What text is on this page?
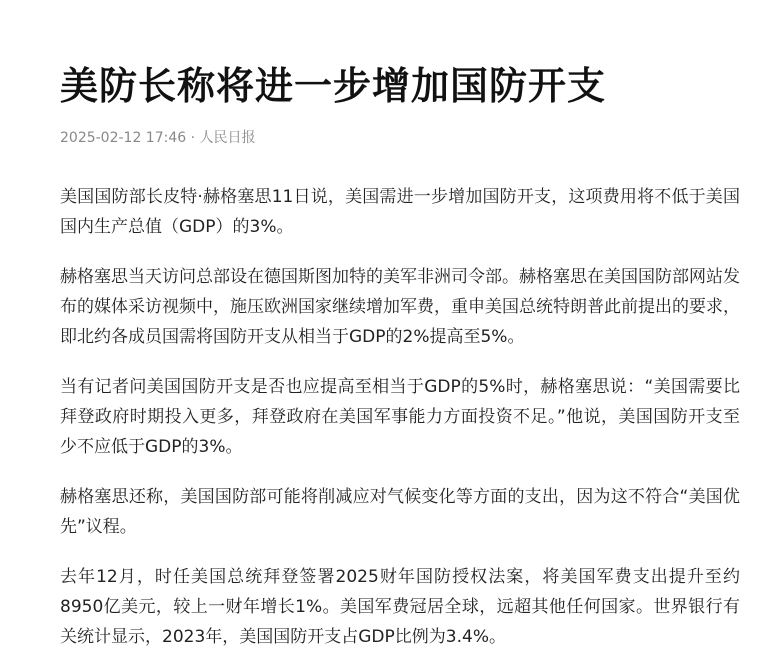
美防长称将进一步增加国防开支
2025-02-12 17:46 · 人民日报

美国国防部长皮特·赫格塞思11日说，美国需进一步增加国防开支，这项费用将不低于美国国内生产总值（GDP）的3%。

赫格塞思当天访问总部设在德国斯图加特的美军非洲司令部。赫格塞思在美国国防部网站发布的媒体采访视频中，施压欧洲国家继续增加军费，重申美国总统特朗普此前提出的要求，即北约各成员国需将国防开支从相当于GDP的2%提高至5%。

当有记者问美国国防开支是否也应提高至相当于GDP的5%时，赫格塞思说：“美国需要比拜登政府时期投入更多，拜登政府在美国军事能力方面投资不足。”他说，美国国防开支至少不应低于GDP的3%。

赫格塞思还称，美国国防部可能将削减应对气候变化等方面的支出，因为这不符合“美国优先”议程。

去年12月，时任美国总统拜登签署2025财年国防授权法案，将美国军费支出提升至约8950亿美元，较上一财年增长1%。美国军费冠居全球，远超其他任何国家。世界银行有关统计显示，2023年，美国国防开支占GDP比例为3.4%。
